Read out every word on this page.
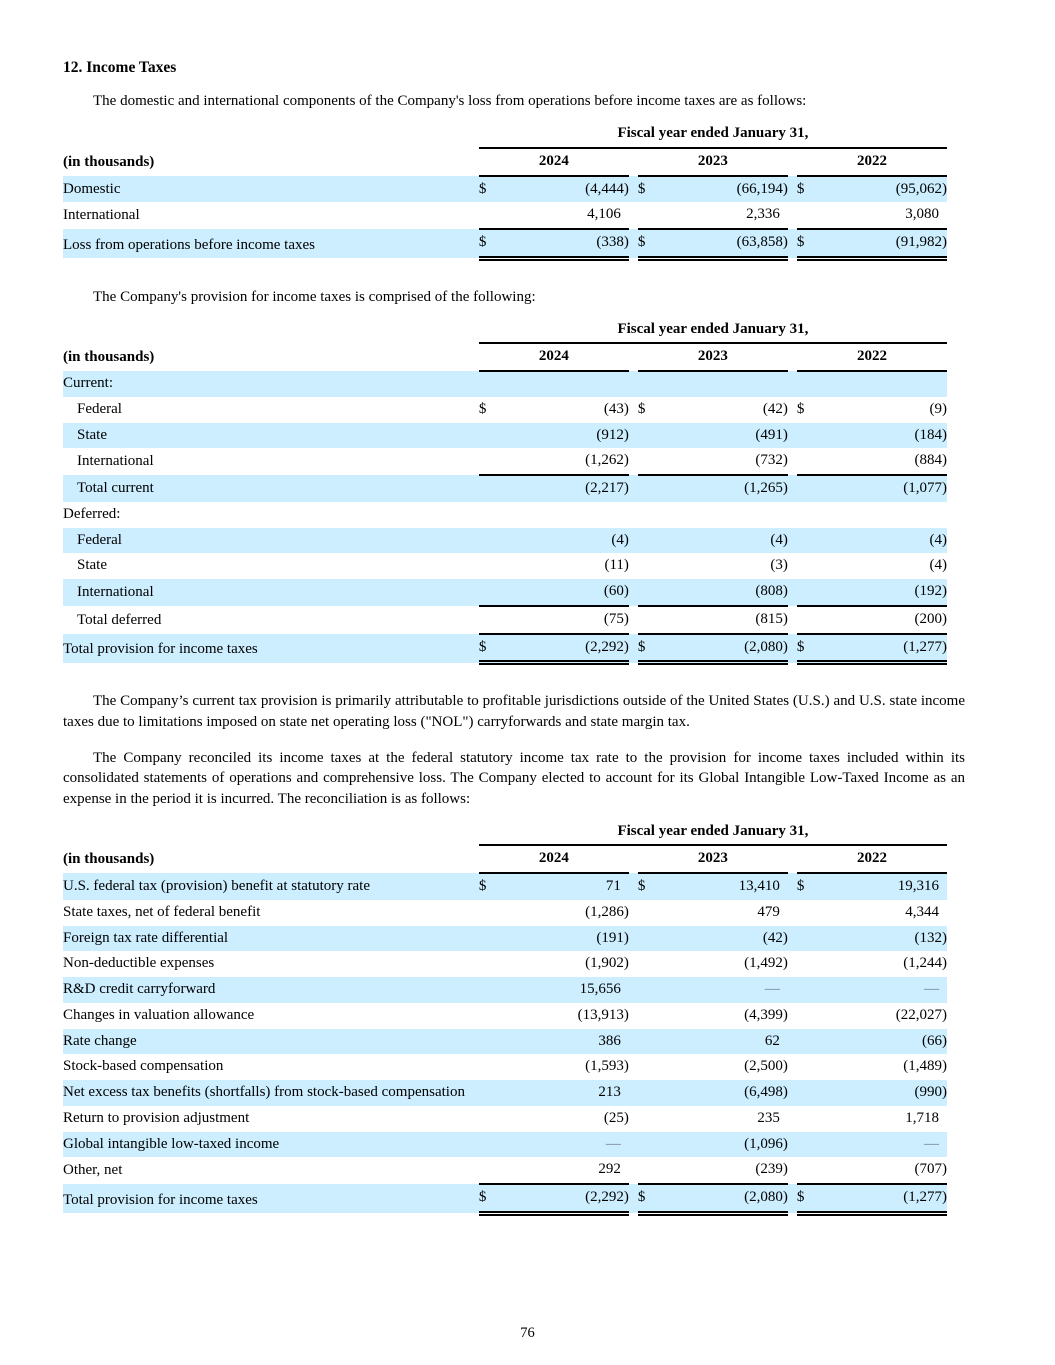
12. Income Taxes

The domestic and international components of the Company's loss from operations before income taxes are as follows:

		Fiscal year ended January 31,							
(in thousands)		2024			2023			2022	
Domestic		$	(4,444)		$	(66,194)		$	(95,062)
International			4,106			2,336			3,080
Loss from operations before income taxes		$	(338)		$	(63,858)		$	(91,982)

The Company's provision for income taxes is comprised of the following:

		Fiscal year ended January 31,							
(in thousands)		2024			2023			2022	
Current:									
Federal		$	(43)		$	(42)		$	(9)
State			(912)			(491)			(184)
International			(1,262)			(732)			(884)
Total current			(2,217)			(1,265)			(1,077)
Deferred:									
Federal			(4)			(4)			(4)
State			(11)			(3)			(4)
International			(60)			(808)			(192)
Total deferred			(75)			(815)			(200)
Total provision for income taxes		$	(2,292)		$	(2,080)		$	(1,277)

The Company’s current tax provision is primarily attributable to profitable jurisdictions outside of the United States (U.S.) and U.S. state income taxes due to limitations imposed on state net operating loss ("NOL") carryforwards and state margin tax.

The Company reconciled its income taxes at the federal statutory income tax rate to the provision for income taxes included within its consolidated statements of operations and comprehensive loss. The Company elected to account for its Global Intangible Low-Taxed Income as an expense in the period it is incurred. The reconciliation is as follows:

		Fiscal year ended January 31,							
(in thousands)		2024			2023			2022	
U.S. federal tax (provision) benefit at statutory rate		$	71		$	13,410		$	19,316
State taxes, net of federal benefit			(1,286)			479			4,344
Foreign tax rate differential			(191)			(42)			(132)
Non-deductible expenses			(1,902)			(1,492)			(1,244)
R&D credit carryforward			15,656			—			—
Changes in valuation allowance			(13,913)			(4,399)			(22,027)
Rate change			386			62			(66)
Stock-based compensation			(1,593)			(2,500)			(1,489)
Net excess tax benefits (shortfalls) from stock-based compensation			213			(6,498)			(990)
Return to provision adjustment			(25)			235			1,718
Global intangible low-taxed income			—			(1,096)			—
Other, net			292			(239)			(707)
Total provision for income taxes		$	(2,292)		$	(2,080)		$	(1,277)
76
